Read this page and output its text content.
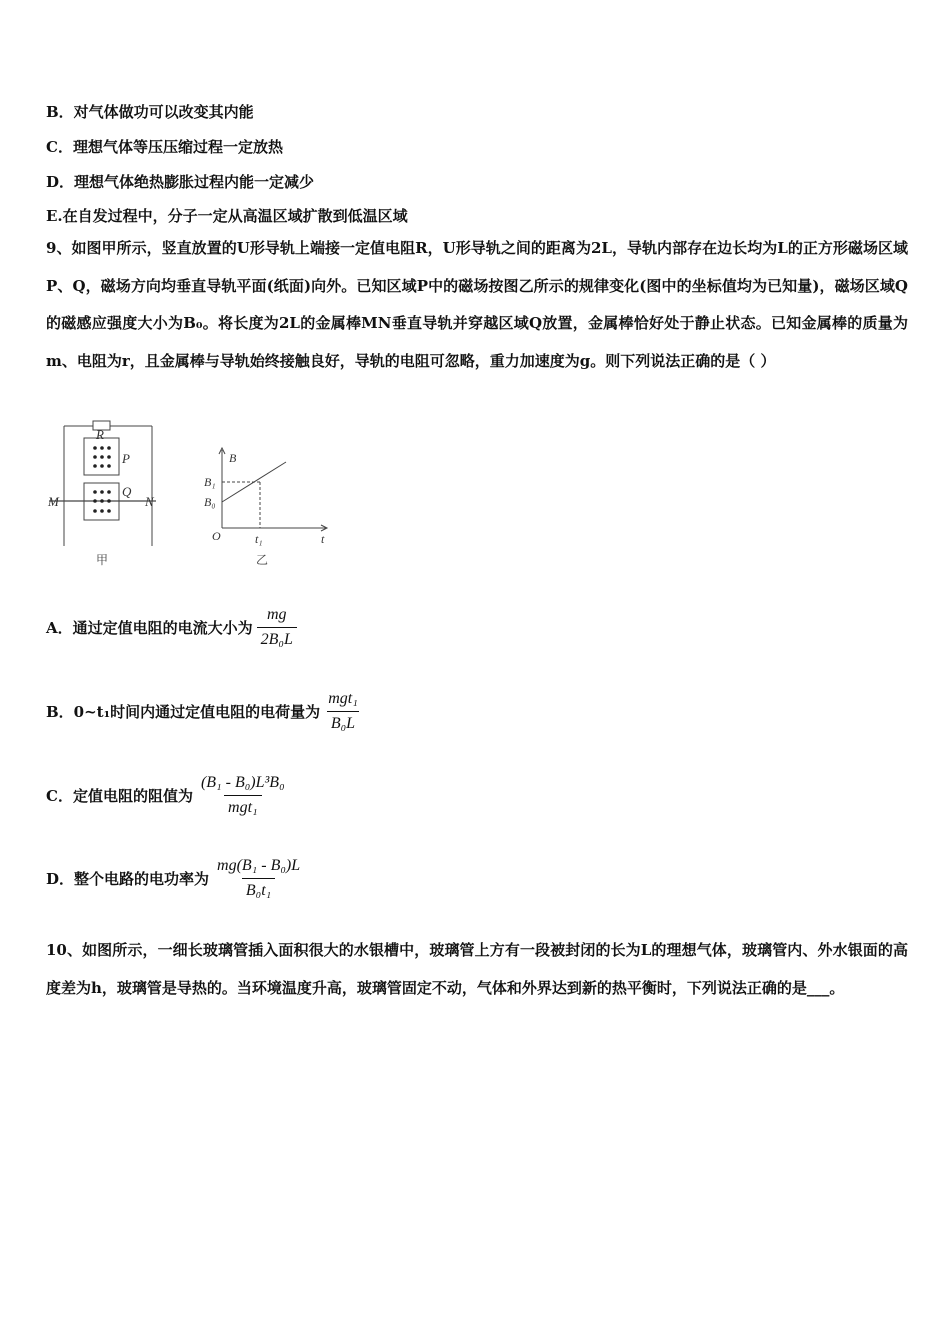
B．对气体做功可以改变其内能
C．理想气体等压压缩过程一定放热
D．理想气体绝热膨胀过程内能一定减少
E.在自发过程中，分子一定从高温区域扩散到低温区域
9、如图甲所示，竖直放置的U形导轨上端接一定值电阻R，U形导轨之间的距离为2L，导轨内部存在边长均为L的正方形磁场区域P、Q，磁场方向均垂直导轨平面(纸面)向外。已知区域P中的磁场按图乙所示的规律变化(图中的坐标值均为已知量)，磁场区域Q的磁感应强度大小为B₀。将长度为2L的金属棒MN垂直导轨并穿越区域Q放置，金属棒恰好处于静止状态。已知金属棒的质量为m、电阻为r，且金属棒与导轨始终接触良好，导轨的电阻可忽略，重力加速度为g。则下列说法正确的是（ ）
R
P
Q
M	N
甲
B
B₁
B₀
O	t₁	t
乙
A．通过定值电阻的电流大小为 $\frac{mg}{\text{2B₀L}}$
B．0~t₁时间内通过定值电阻的电荷量为 $\frac{\text{mgt₁}}{\text{B₀L}}$
C．定值电阻的阻值为 $\frac{\text{(B₁ - B₀)L³B₀}}{\text{mgt₁}}$
D．整个电路的电功率为 $\frac{\text{mg(B₁ - B₀)L}}{\text{B₀t₁}}$
10、如图所示，一细长玻璃管插入面积很大的水银槽中，玻璃管上方有一段被封闭的长为L的理想气体，玻璃管内、外水银面的高度差为h，玻璃管是导热的。当环境温度升高，玻璃管固定不动，气体和外界达到新的热平衡时，下列说法正确的是___。
